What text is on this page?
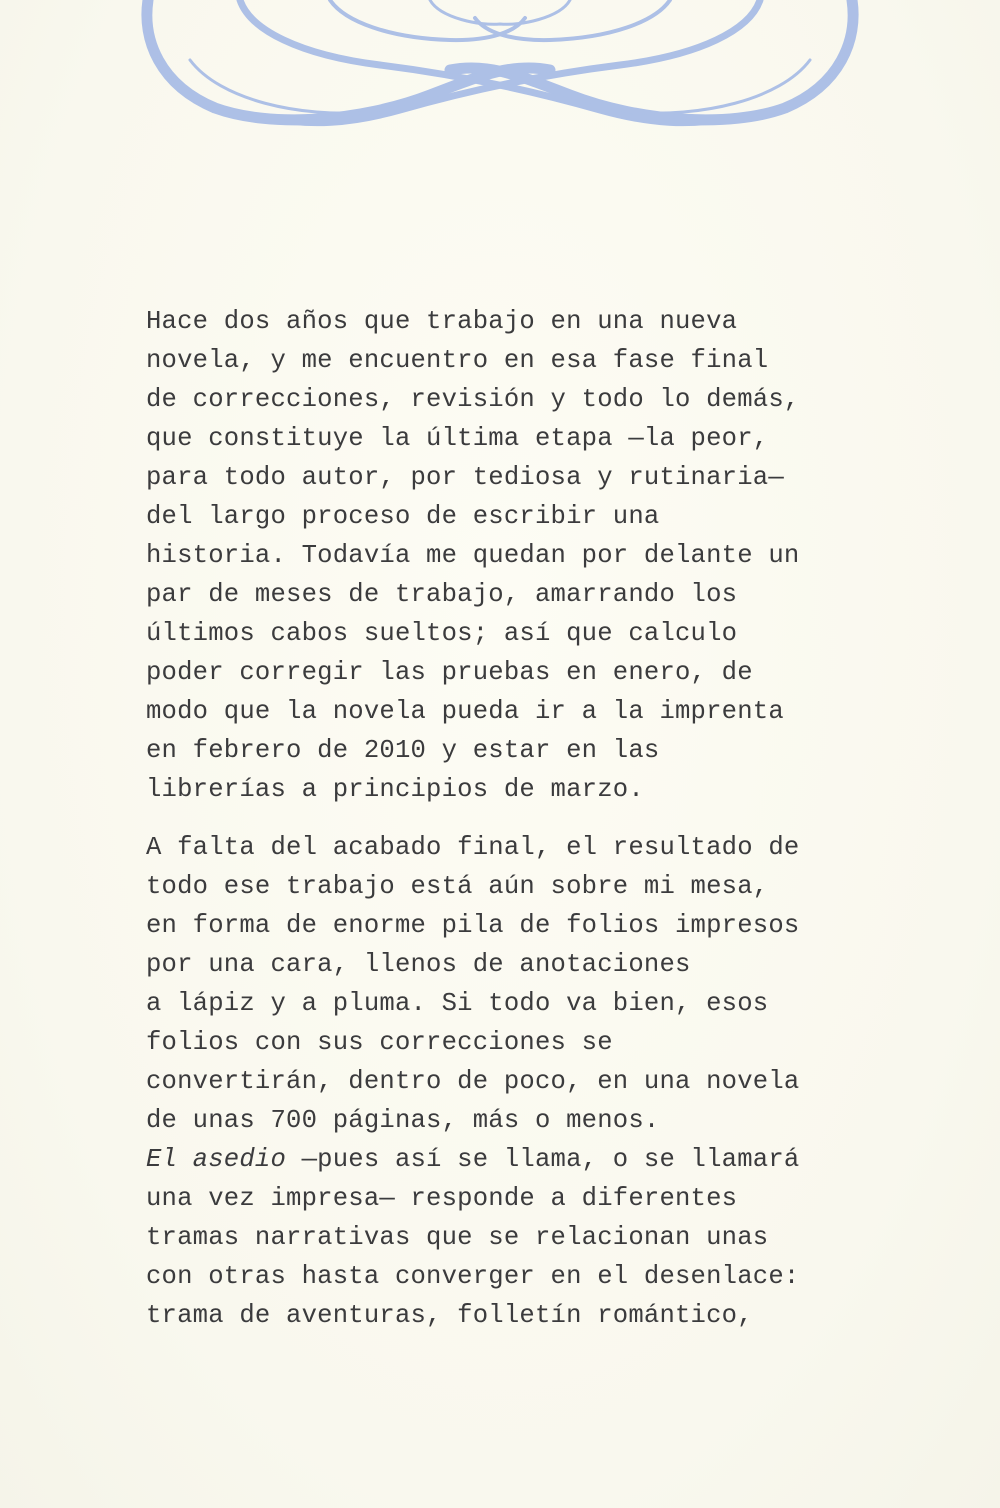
Hace dos años que trabajo en una nueva
novela, y me encuentro en esa fase final
de correcciones, revisión y todo lo demás,
que constituye la última etapa —la peor,
para todo autor, por tediosa y rutinaria—
del largo proceso de escribir una
historia. Todavía me quedan por delante un
par de meses de trabajo, amarrando los
últimos cabos sueltos; así que calculo
poder corregir las pruebas en enero, de
modo que la novela pueda ir a la imprenta
en febrero de 2010 y estar en las
librerías a principios de marzo.
A falta del acabado final, el resultado de
todo ese trabajo está aún sobre mi mesa,
en forma de enorme pila de folios impresos
por una cara, llenos de anotaciones
a lápiz y a pluma. Si todo va bien, esos
folios con sus correcciones se
convertirán, dentro de poco, en una novela
de unas 700 páginas, más o menos.
El asedio —pues así se llama, o se llamará
una vez impresa— responde a diferentes
tramas narrativas que se relacionan unas
con otras hasta converger en el desenlace:
trama de aventuras, folletín romántico,
